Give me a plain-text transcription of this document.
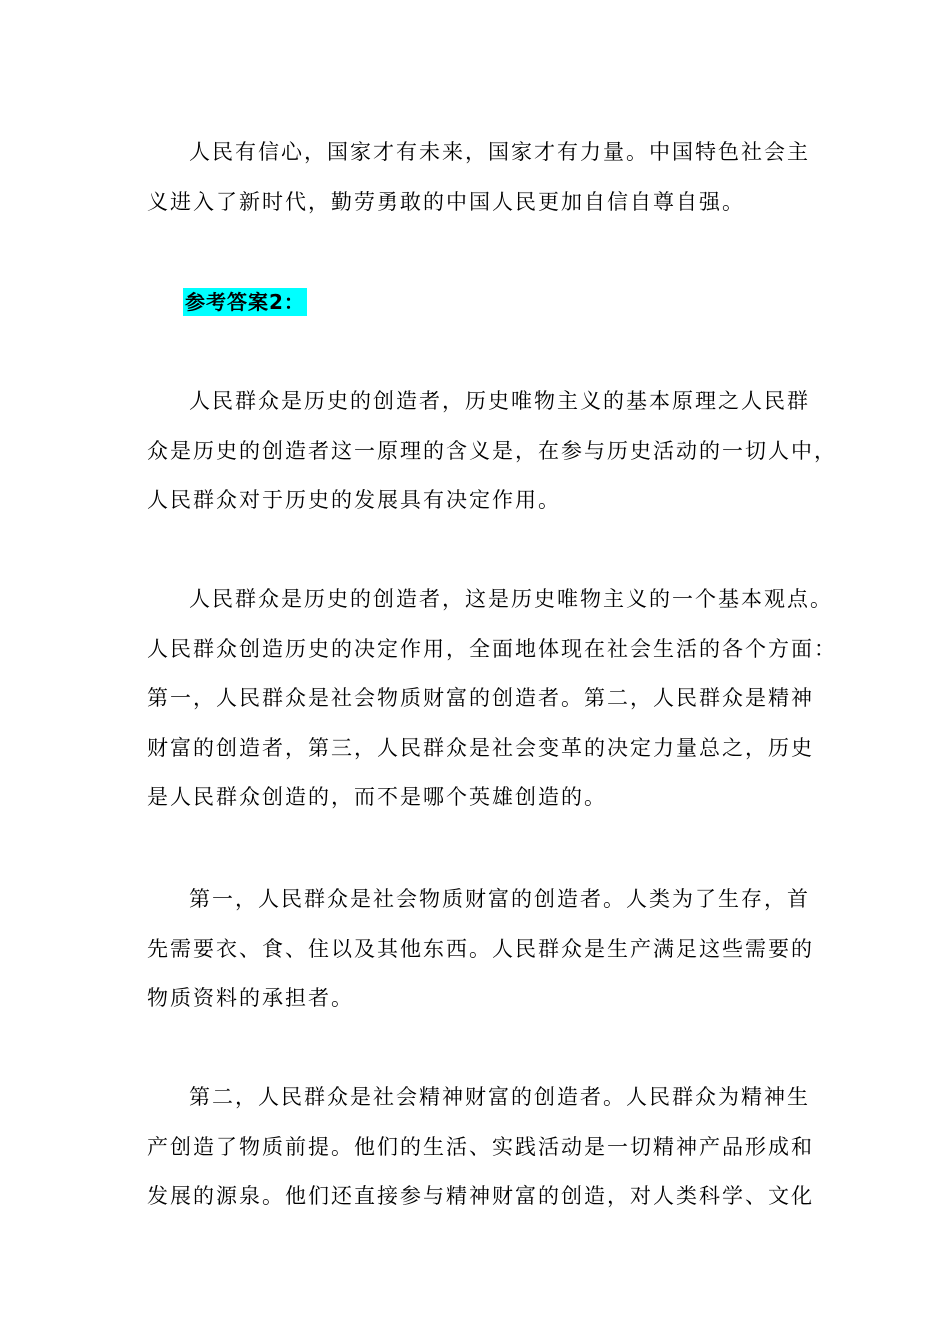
人民有信心，国家才有未来，国家才有力量。中国特色社会主
义进入了新时代，勤劳勇敢的中国人民更加自信自尊自强。

参考答案2：

人民群众是历史的创造者，历史唯物主义的基本原理之人民群
众是历史的创造者这一原理的含义是，在参与历史活动的一切人中，
人民群众对于历史的发展具有决定作用。

人民群众是历史的创造者，这是历史唯物主义的一个基本观点。
人民群众创造历史的决定作用，全面地体现在社会生活的各个方面：
第一，人民群众是社会物质财富的创造者。第二，人民群众是精神
财富的创造者，第三，人民群众是社会变革的决定力量总之，历史
是人民群众创造的，而不是哪个英雄创造的。

第一，人民群众是社会物质财富的创造者。人类为了生存，首
先需要衣、食、住以及其他东西。人民群众是生产满足这些需要的
物质资料的承担者。

第二，人民群众是社会精神财富的创造者。人民群众为精神生
产创造了物质前提。他们的生活、实践活动是一切精神产品形成和
发展的源泉。他们还直接参与精神财富的创造，对人类科学、文化
